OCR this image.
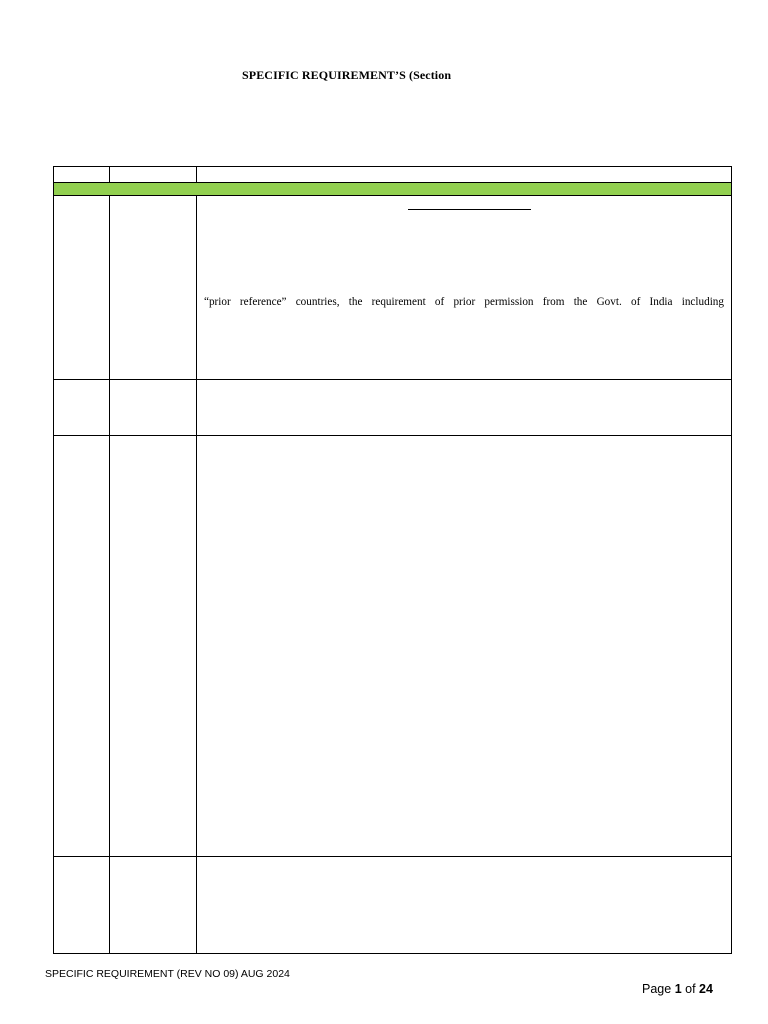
SPECIFIC REQUIREMENT’S (Section
“prior reference” countries, the requirement of prior permission from the Govt. of India including
SPECIFIC REQUIREMENT (REV NO 09) AUG 2024
Page 1 of 24
